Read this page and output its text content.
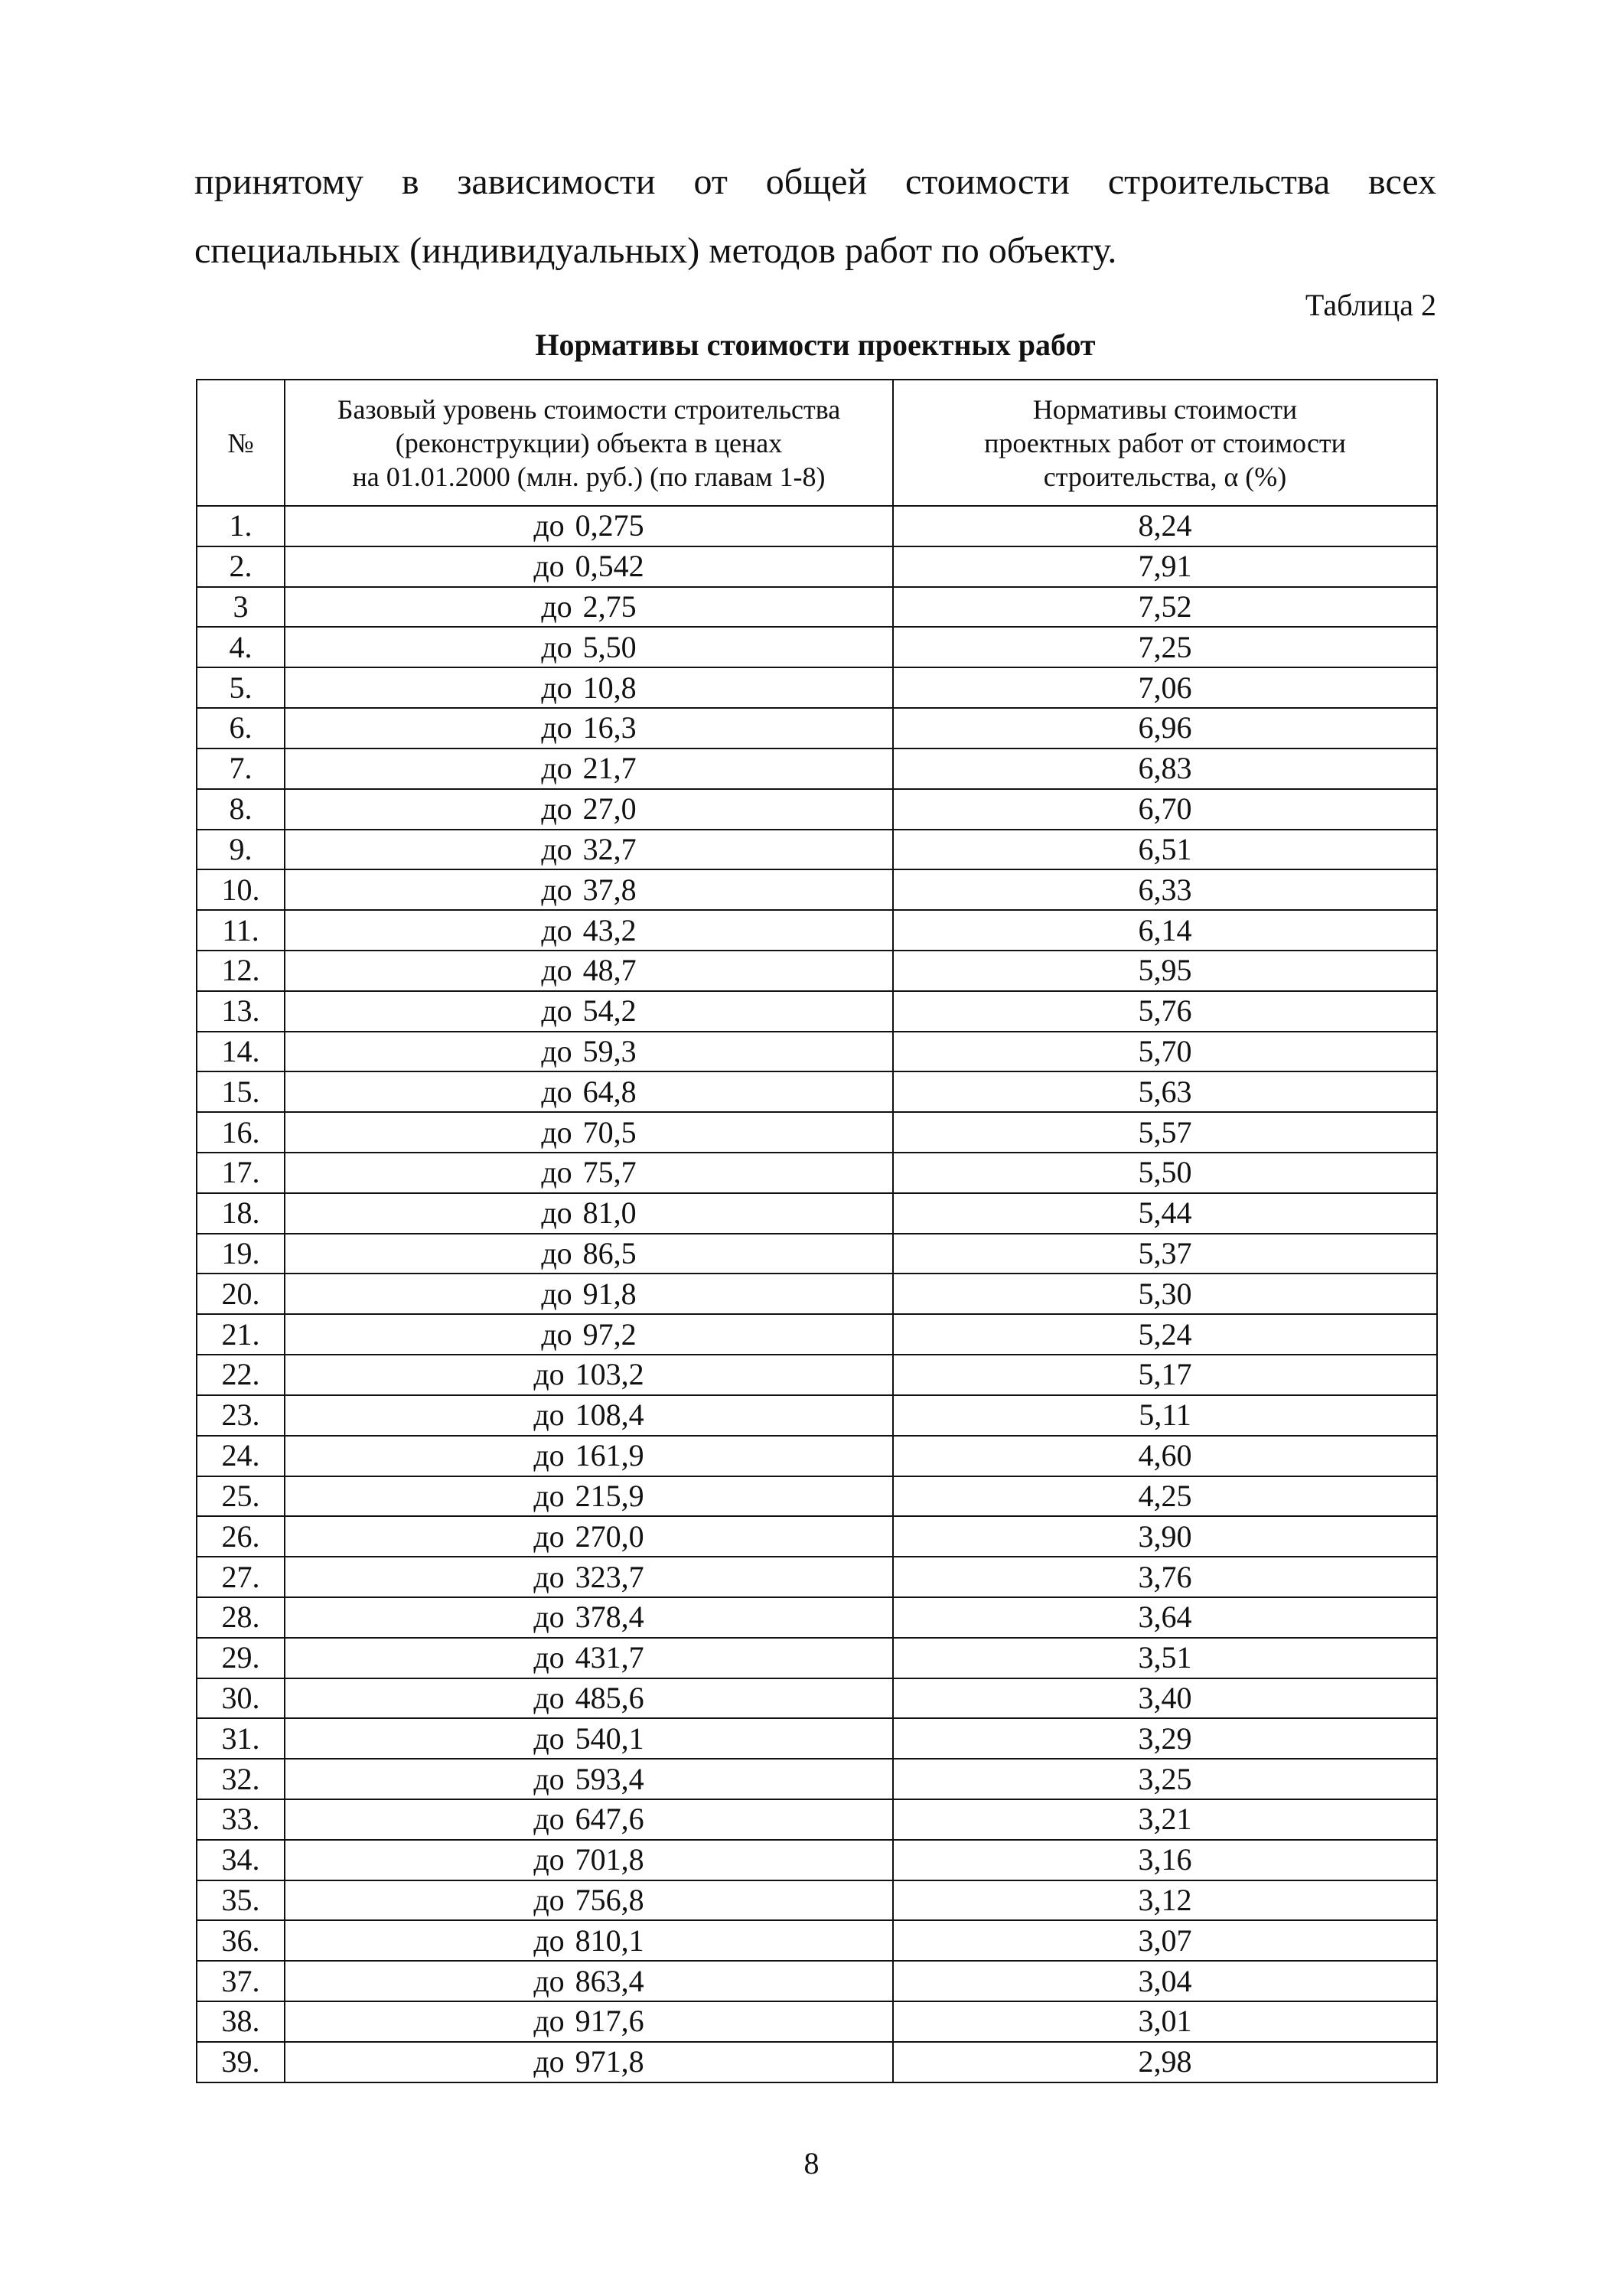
принятому в зависимости от общей стоимости строительства всех
специальных (индивидуальных) методов работ по объекту.

Таблица 2
Нормативы стоимости проектных работ
№	Базовый уровень стоимости строительства
(реконструкции) объекта в ценах
на 01.01.2000 (млн. руб.) (по главам 1-8)	Нормативы стоимости
проектных работ от стоимости
строительства, α (%)
1.	до 0,275	8,24
2.	до 0,542	7,91
3	до 2,75	7,52
4.	до 5,50	7,25
5.	до 10,8	7,06
6.	до 16,3	6,96
7.	до 21,7	6,83
8.	до 27,0	6,70
9.	до 32,7	6,51
10.	до 37,8	6,33
11.	до 43,2	6,14
12.	до 48,7	5,95
13.	до 54,2	5,76
14.	до 59,3	5,70
15.	до 64,8	5,63
16.	до 70,5	5,57
17.	до 75,7	5,50
18.	до 81,0	5,44
19.	до 86,5	5,37
20.	до 91,8	5,30
21.	до 97,2	5,24
22.	до 103,2	5,17
23.	до 108,4	5,11
24.	до 161,9	4,60
25.	до 215,9	4,25
26.	до 270,0	3,90
27.	до 323,7	3,76
28.	до 378,4	3,64
29.	до 431,7	3,51
30.	до 485,6	3,40
31.	до 540,1	3,29
32.	до 593,4	3,25
33.	до 647,6	3,21
34.	до 701,8	3,16
35.	до 756,8	3,12
36.	до 810,1	3,07
37.	до 863,4	3,04
38.	до 917,6	3,01
39.	до 971,8	2,98
8
